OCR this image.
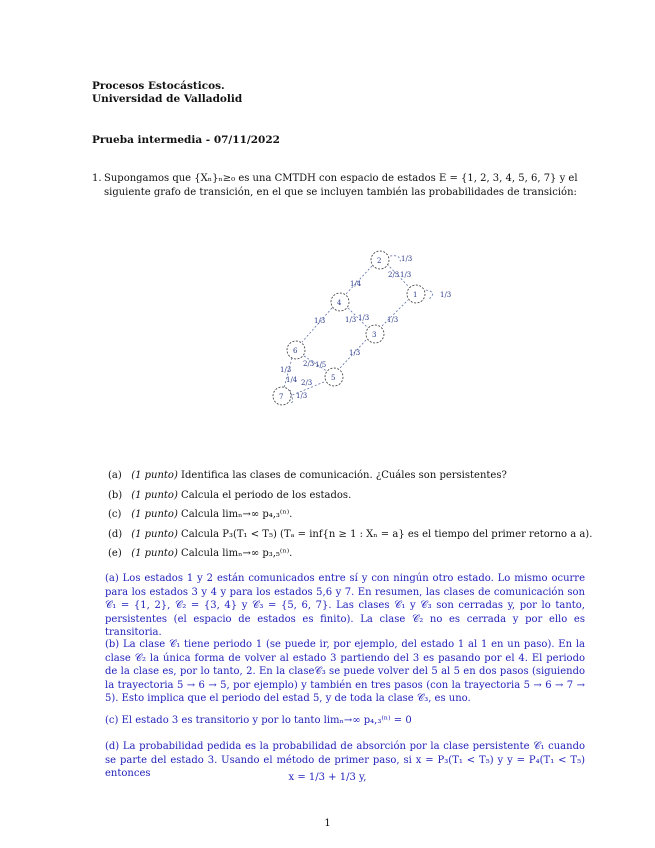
Procesos Estocásticos.
Universidad de Valladolid
Prueba intermedia - 07/11/2022
1. Supongamos que {Xₙ}ₙ≥₀ es una CMTDH con espacio de estados E = {1, 2, 3, 4, 5, 6, 7} y el siguiente grafo de transición, en el que se incluyen también las probabilidades de transición:
2
1
4
3
6
5
7
1/3
2/3 1/3
1/4
1/3
1/3	1/3 1/3	1/3
1/3
2/3 1/5
1/3
1/4 2/3
1/3
(a) (1 punto) Identifica las clases de comunicación. ¿Cuáles son persistentes?
(b) (1 punto) Calcula el periodo de los estados.
(c) (1 punto) Calcula limₙ→∞ p₄,₃⁽ⁿ⁾.
(d) (1 punto) Calcula P₃(T₁ < T₅) (Tₐ = inf{n ≥ 1 : Xₙ = a} es el tiempo del primer retorno a a).
(e) (1 punto) Calcula limₙ→∞ p₃,₅⁽ⁿ⁾.
(a) Los estados 1 y 2 están comunicados entre sí y con ningún otro estado. Lo mismo ocurre para los estados 3 y 4 y para los estados 5,6 y 7. En resumen, las clases de comunicación son 𝒞₁ = {1, 2}, 𝒞₂ = {3, 4} y 𝒞₃ = {5, 6, 7}. Las clases 𝒞₁ y 𝒞₃ son cerradas y, por lo tanto, persistentes (el espacio de estados es finito). La clase 𝒞₂ no es cerrada y por ello es transitoria.
(b) La clase 𝒞₁ tiene periodo 1 (se puede ir, por ejemplo, del estado 1 al 1 en un paso). En la clase 𝒞₂ la única forma de volver al estado 3 partiendo del 3 es pasando por el 4. El periodo de la clase es, por lo tanto, 2. En la clase𝒞₃ se puede volver del 5 al 5 en dos pasos (siguiendo la trayectoria 5 → 6 → 5, por ejemplo) y también en tres pasos (con la trayectoria 5 → 6 → 7 → 5). Esto implica que el periodo del estad 5, y de toda la clase 𝒞₃, es uno.
(c) El estado 3 es transitorio y por lo tanto limₙ→∞ p₄,₃⁽ⁿ⁾ = 0
(d) La probabilidad pedida es la probabilidad de absorción por la clase persistente 𝒞₁ cuando se parte del estado 3. Usando el método de primer paso, si x = P₃(T₁ < T₅) y y = P₄(T₁ < T₅) entonces	x = 1/3 + 1/3 y,
1
